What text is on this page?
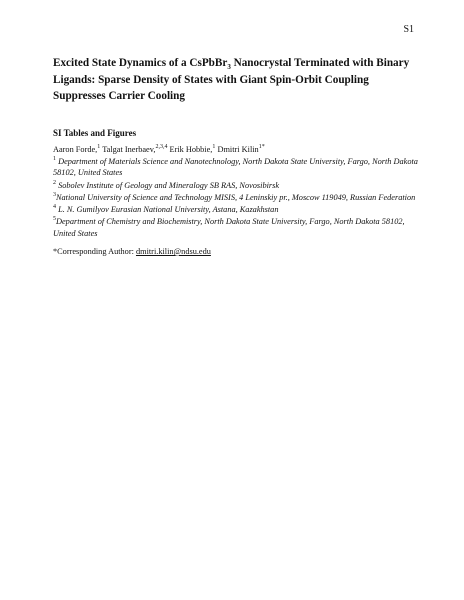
S1
Excited State Dynamics of a CsPbBr$_3$ Nanocrystal Terminated with Binary Ligands: Sparse Density of States with Giant Spin-Orbit Coupling Suppresses Carrier Cooling
SI Tables and Figures
Aaron Forde,$^1$ Talgat Inerbaev,$^{2,3,4}$ Erik Hobbie,$^1$ Dmitri Kilin$^{1*}$

$^1$ Department of Materials Science and Nanotechnology, North Dakota State University, Fargo, North Dakota 58102, United States

$^2$ Sobolev Institute of Geology and Mineralogy SB RAS, Novosibirsk

$^3$National University of Science and Technology MISIS, 4 Leninskiy pr., Moscow 119049, Russian Federation

$^4$ L. N. Gumilyov Eurasian National University, Astana, Kazakhstan

$^5$Department of Chemistry and Biochemistry, North Dakota State University, Fargo, North Dakota 58102, United States

*Corresponding Author: dmitri.kilin@ndsu.edu
